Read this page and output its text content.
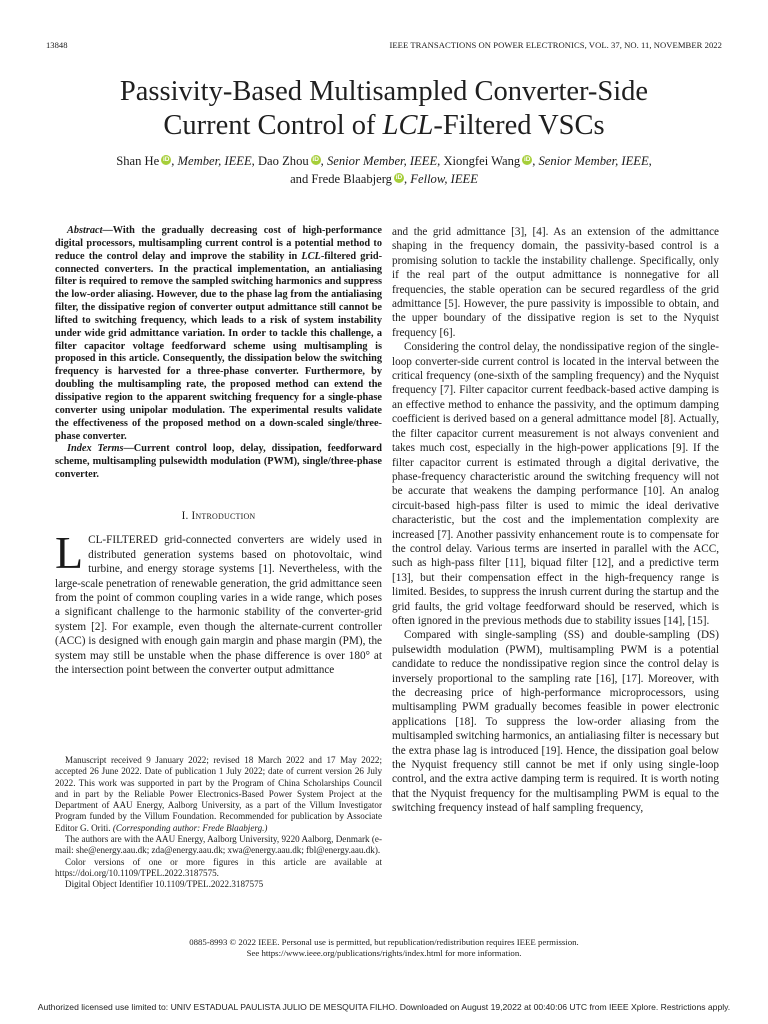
13848	IEEE TRANSACTIONS ON POWER ELECTRONICS, VOL. 37, NO. 11, NOVEMBER 2022
Passivity-Based Multisampled Converter-Side
Current Control of LCL-Filtered VSCs
Shan He iD , Member, IEEE, Dao Zhou iD , Senior Member, IEEE, Xiongfei Wang iD , Senior Member, IEEE,
and Frede Blaabjerg iD , Fellow, IEEE

Abstract—With the gradually decreasing cost of high-performance digital processors, multisampling current control is a potential method to reduce the control delay and improve the stability in LCL-filtered grid-connected converters. In the practical implementation, an antialiasing filter is required to remove the sampled switching harmonics and suppress the low-order aliasing. However, due to the phase lag from the antialiasing filter, the dissipative region of converter output admittance still cannot be lifted to switching frequency, which leads to a risk of system instability under wide grid admittance variation. In order to tackle this challenge, a filter capacitor voltage feedforward scheme using multisampling is proposed in this article. Consequently, the dissipation below the switching frequency is harvested for a three-phase converter. Furthermore, by doubling the multisampling rate, the proposed method can extend the dissipative region to the apparent switching frequency for a single-phase converter using unipolar modulation. The experimental results validate the effectiveness of the proposed method on a down-scaled single/three-phase converter.

Index Terms—Current control loop, delay, dissipation, feedforward scheme, multisampling pulsewidth modulation (PWM), single/three-phase converter.

I. Introduction

LCL-FILTERED grid-connected converters are widely used in distributed generation systems based on photovoltaic, wind turbine, and energy storage systems [1]. Nevertheless, with the large-scale penetration of renewable generation, the grid admittance seen from the point of common coupling varies in a wide range, which poses a significant challenge to the harmonic stability of the converter-grid system [2]. For example, even though the alternate-current controller (ACC) is designed with enough gain margin and phase margin (PM), the system may still be unstable when the phase difference is over 180° at the intersection point between the converter output admittance

Manuscript received 9 January 2022; revised 18 March 2022 and 17 May 2022; accepted 26 June 2022. Date of publication 1 July 2022; date of current version 26 July 2022. This work was supported in part by the Program of China Scholarships Council and in part by the Reliable Power Electronics-Based Power System Project at the Department of AAU Energy, Aalborg University, as a part of the Villum Investigator Program funded by the Villum Foundation. Recommended for publication by Associate Editor G. Oriti. (Corresponding author: Frede Blaabjerg.)

The authors are with the AAU Energy, Aalborg University, 9220 Aalborg, Denmark (e-mail: she@energy.aau.dk; zda@energy.aau.dk; xwa@energy.aau.dk; fbl@energy.aau.dk).

Color versions of one or more figures in this article are available at https://doi.org/10.1109/TPEL.2022.3187575.

Digital Object Identifier 10.1109/TPEL.2022.3187575

and the grid admittance [3], [4]. As an extension of the admittance shaping in the frequency domain, the passivity-based control is a promising solution to tackle the instability challenge. Specifically, only if the real part of the output admittance is nonnegative for all frequencies, the stable operation can be secured regardless of the grid admittance [5]. However, the pure passivity is impossible to obtain, and the upper boundary of the dissipative region is set to the Nyquist frequency [6].

Considering the control delay, the nondissipative region of the single-loop converter-side current control is located in the interval between the critical frequency (one-sixth of the sampling frequency) and the Nyquist frequency [7]. Filter capacitor current feedback-based active damping is an effective method to enhance the passivity, and the optimum damping coefficient is derived based on a general admittance model [8]. Actually, the filter capacitor current measurement is not always convenient and takes much cost, especially in the high-power applications [9]. If the filter capacitor current is estimated through a digital derivative, the phase-frequency characteristic around the switching frequency will not be accurate that weakens the damping performance [10]. An analog circuit-based high-pass filter is used to mimic the ideal derivative characteristic, but the cost and the implementation complexity are increased [7]. Another passivity enhancement route is to compensate for the control delay. Various terms are inserted in parallel with the ACC, such as high-pass filter [11], biquad filter [12], and a predictive term [13], but their compensation effect in the high-frequency range is limited. Besides, to suppress the inrush current during the startup and the grid faults, the grid voltage feedforward should be reserved, which is often ignored in the previous methods due to stability issues [14], [15].

Compared with single-sampling (SS) and double-sampling (DS) pulsewidth modulation (PWM), multisampling PWM is a potential candidate to reduce the nondissipative region since the control delay is inversely proportional to the sampling rate [16], [17]. Moreover, with the decreasing price of high-performance microprocessors, using multisampling PWM gradually becomes feasible in power electronic applications [18]. To suppress the low-order aliasing from the multisampled switching harmonics, an antialiasing filter is necessary but the extra phase lag is introduced [19]. Hence, the dissipation goal below the Nyquist frequency still cannot be met if only using single-loop control, and the extra active damping term is required. It is worth noting that the Nyquist frequency for the multisampling PWM is equal to the switching frequency instead of half sampling frequency,

0885-8993 © 2022 IEEE. Personal use is permitted, but republication/redistribution requires IEEE permission.
See https://www.ieee.org/publications/rights/index.html for more information.
Authorized licensed use limited to: UNIV ESTADUAL PAULISTA JULIO DE MESQUITA FILHO. Downloaded on August 19,2022 at 00:40:06 UTC from IEEE Xplore. Restrictions apply.
